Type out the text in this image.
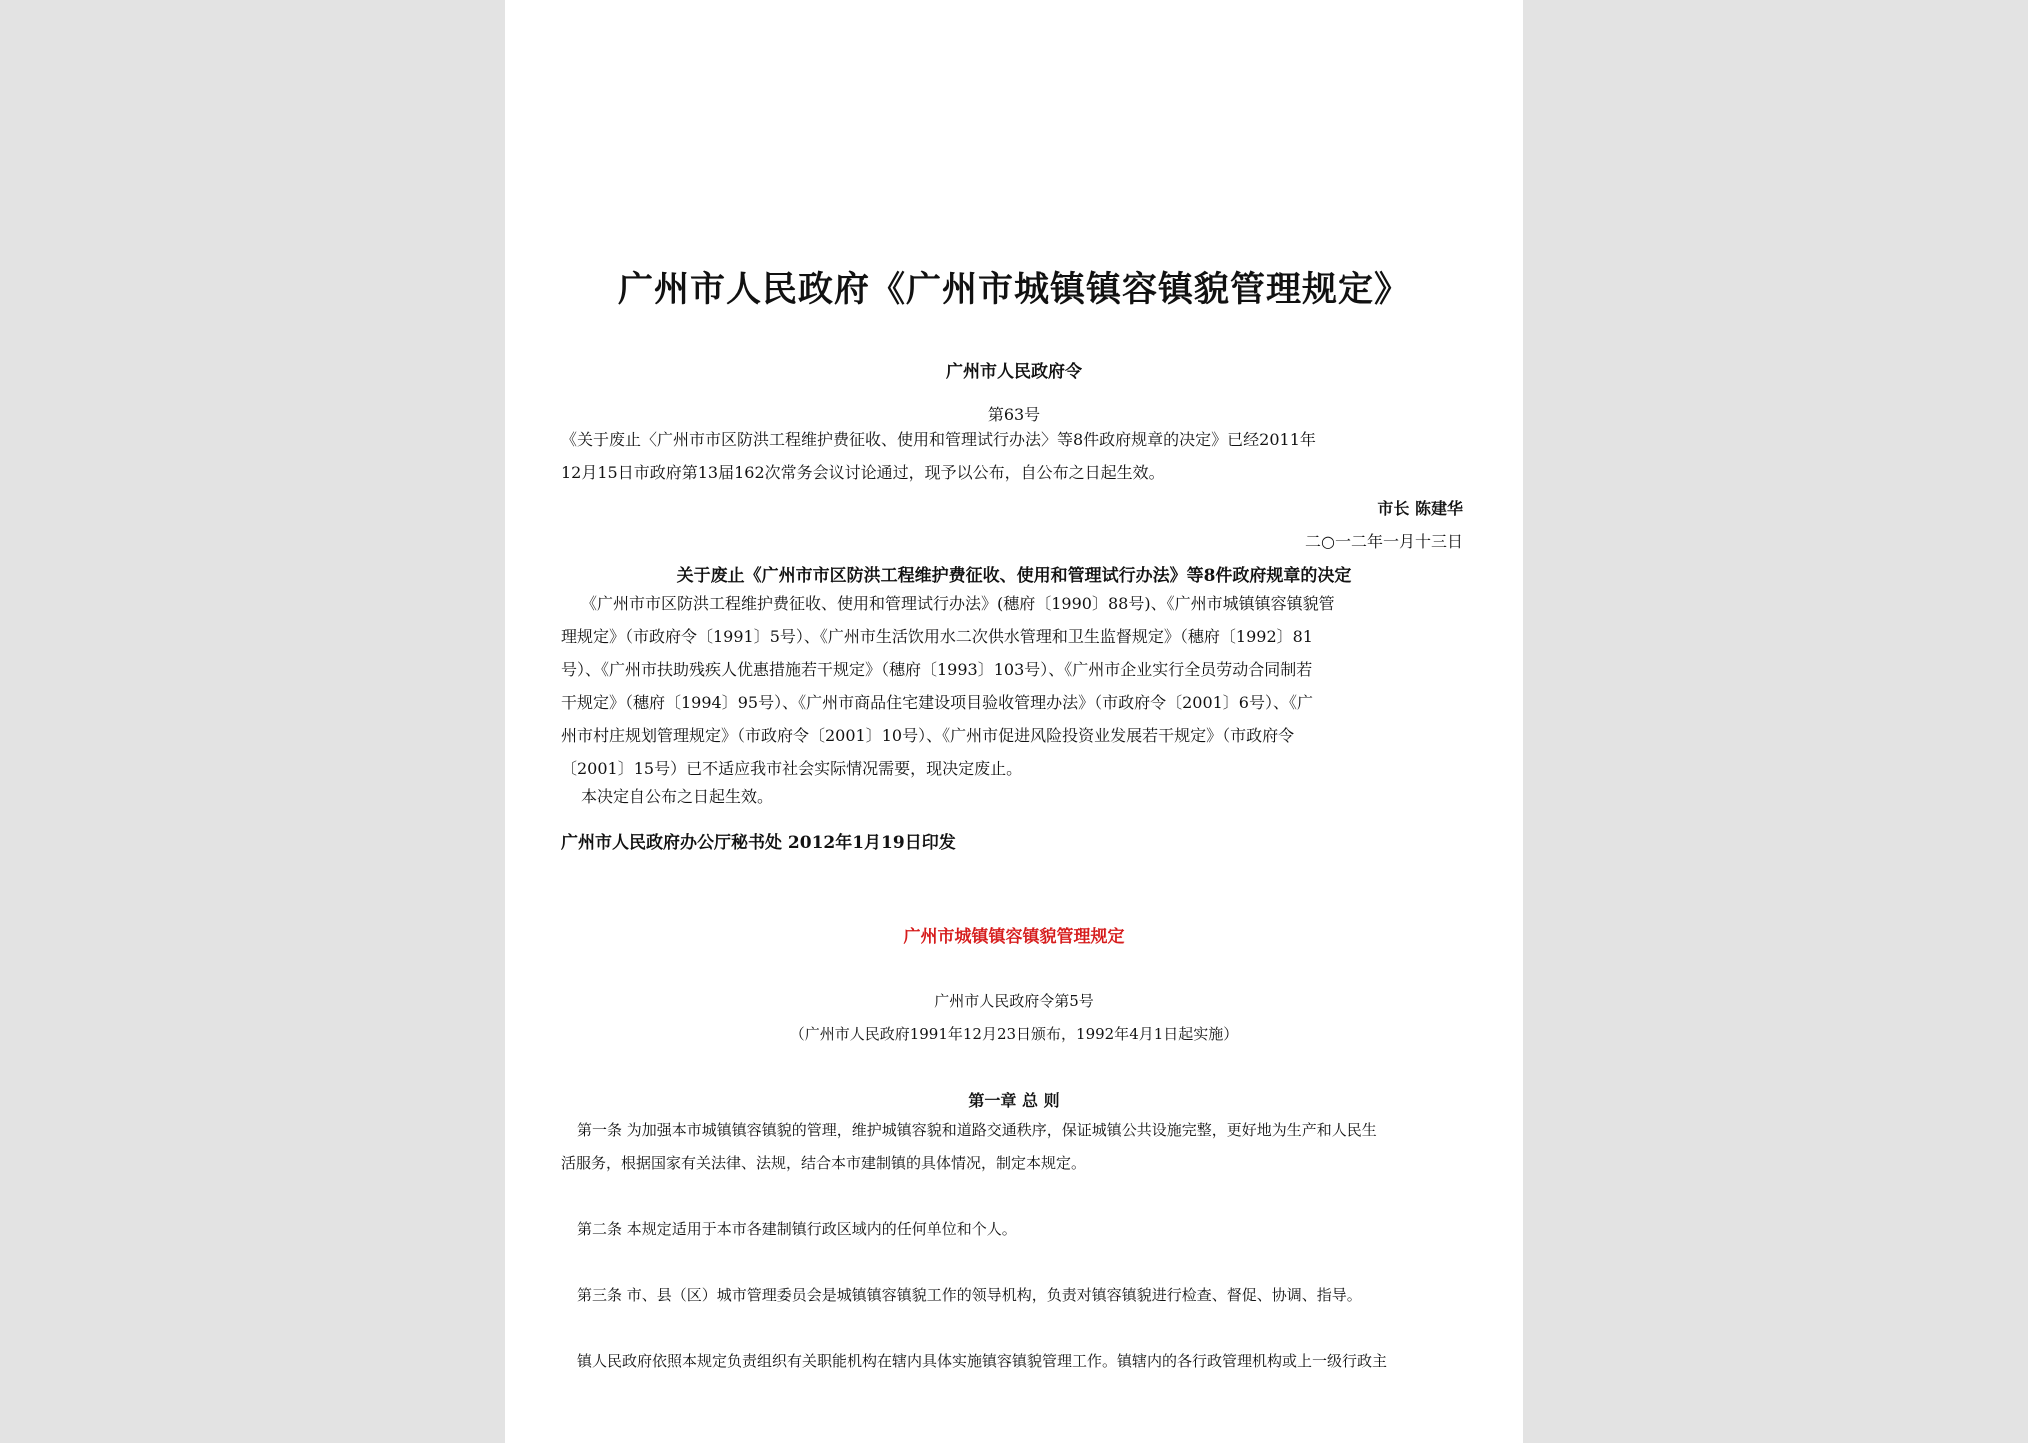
广州市人民政府《广州市城镇镇容镇貌管理规定》
广州市人民政府令
第63号
《关于废止〈广州市市区防洪工程维护费征收、使用和管理试行办法〉等8件政府规章的决定》已经2011年
12月15日市政府第13届162次常务会议讨论通过，现予以公布，自公布之日起生效。
市长 陈建华
二○一二年一月十三日
关于废止《广州市市区防洪工程维护费征收、使用和管理试行办法》等8件政府规章的决定
《广州市市区防洪工程维护费征收、使用和管理试行办法》(穗府〔1990〕88号)、《广州市城镇镇容镇貌管
理规定》（市政府令〔1991〕5号）、《广州市生活饮用水二次供水管理和卫生监督规定》（穗府〔1992〕81
号）、《广州市扶助残疾人优惠措施若干规定》（穗府〔1993〕103号）、《广州市企业实行全员劳动合同制若
干规定》（穗府〔1994〕95号）、《广州市商品住宅建设项目验收管理办法》（市政府令〔2001〕6号）、《广
州市村庄规划管理规定》（市政府令〔2001〕10号）、《广州市促进风险投资业发展若干规定》（市政府令
〔2001〕15号）已不适应我市社会实际情况需要，现决定废止。
本决定自公布之日起生效。
广州市人民政府办公厅秘书处 2012年1月19日印发
广州市城镇镇容镇貌管理规定
广州市人民政府令第5号
（广州市人民政府1991年12月23日颁布，1992年4月1日起实施）
第一章 总 则
第一条 为加强本市城镇镇容镇貌的管理，维护城镇容貌和道路交通秩序，保证城镇公共设施完整，更好地为生产和人民生
活服务，根据国家有关法律、法规，结合本市建制镇的具体情况，制定本规定。
第二条 本规定适用于本市各建制镇行政区域内的任何单位和个人。
第三条 市、县（区）城市管理委员会是城镇镇容镇貌工作的领导机构，负责对镇容镇貌进行检查、督促、协调、指导。
镇人民政府依照本规定负责组织有关职能机构在辖内具体实施镇容镇貌管理工作。镇辖内的各行政管理机构或上一级行政主
